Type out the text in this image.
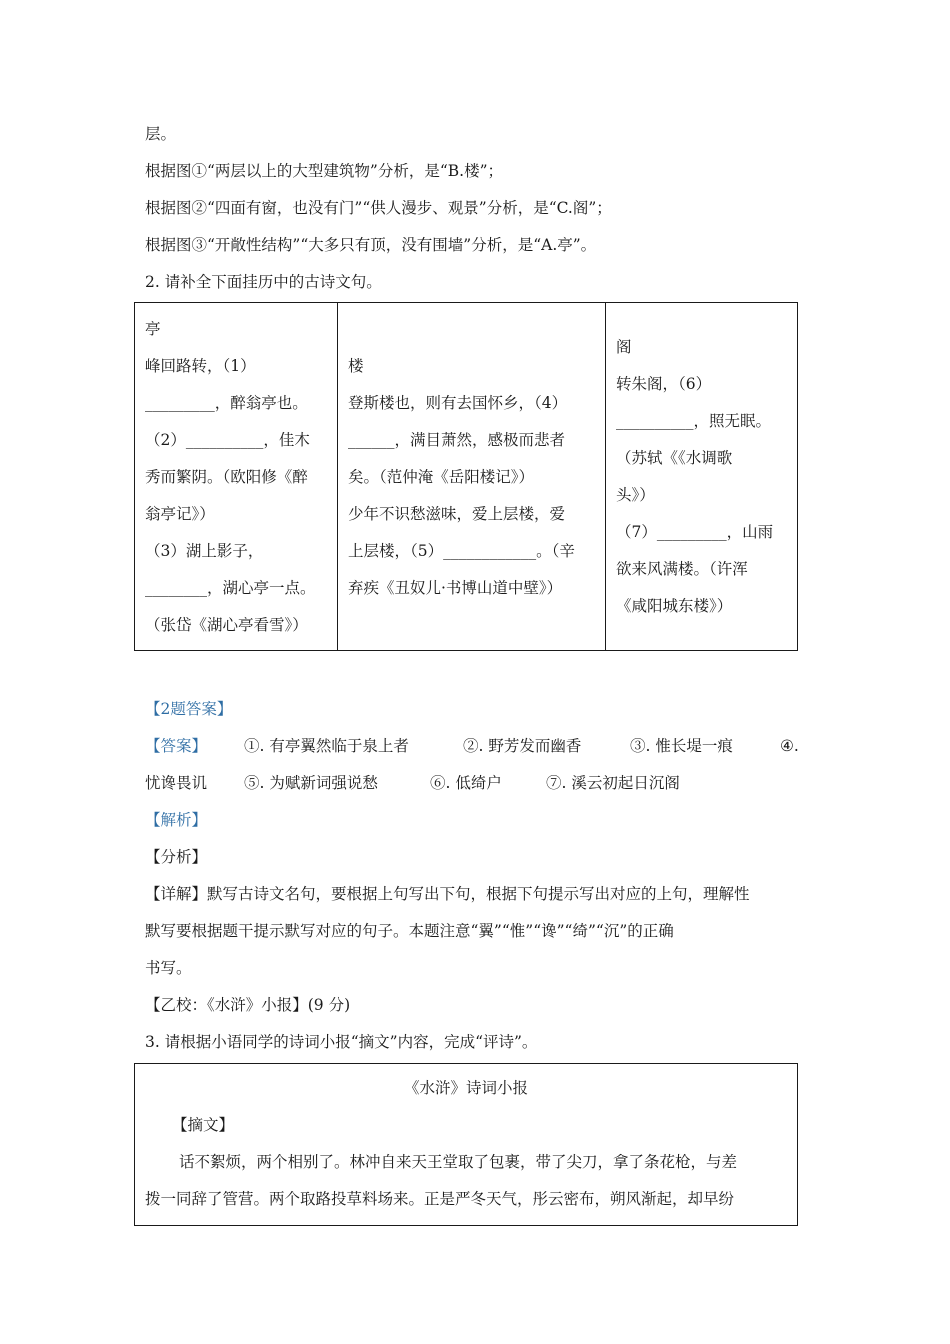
层。
根据图①“两层以上的大型建筑物”分析，是“B.楼”；
根据图②“四面有窗，也没有门”“供人漫步、观景”分析，是“C.阁”；
根据图③“开敞性结构”“大多只有顶，没有围墙”分析，是“A.亭”。
2. 请补全下面挂历中的古诗文句。
亭
峰回路转，（1）
_________，醉翁亭也。
（2）__________，佳木
秀而繁阴。（欧阳修《醉
翁亭记》）
（3）湖上影子，
________，湖心亭一点。
（张岱《湖心亭看雪》）
楼
登斯楼也，则有去国怀乡，（4）
______，满目萧然，感极而悲者
矣。（范仲淹《岳阳楼记》）
少年不识愁滋味，爱上层楼，爱
上层楼，（5）____________。（辛
弃疾《丑奴儿·书博山道中壁》）
阁
转朱阁，（6）
__________，照无眠。
（苏轼《《水调歌
头》）
（7）_________，山雨
欲来风满楼。（许浑
《咸阳城东楼》）
【2题答案】
【答案】 ①. 有亭翼然临于泉上者	②. 野芳发而幽香	③. 惟长堤一痕	④.
忧谗畏讥 ⑤. 为赋新词强说愁	⑥. 低绮户	⑦. 溪云初起日沉阁
【解析】
【分析】
【详解】默写古诗文名句，要根据上句写出下句，根据下句提示写出对应的上句，理解性
默写要根据题干提示默写对应的句子。本题注意“翼”“惟”“谗”“绮”“沉”的正确
书写。
【乙校：《水浒》小报】(9 分)
3. 请根据小语同学的诗词小报“摘文”内容，完成“评诗”。
《水浒》诗词小报
【摘文】
话不絮烦，两个相别了。林冲自来天王堂取了包裹，带了尖刀，拿了条花枪，与差
拨一同辞了管营。两个取路投草料场来。正是严冬天气，彤云密布，朔风渐起，却早纷
